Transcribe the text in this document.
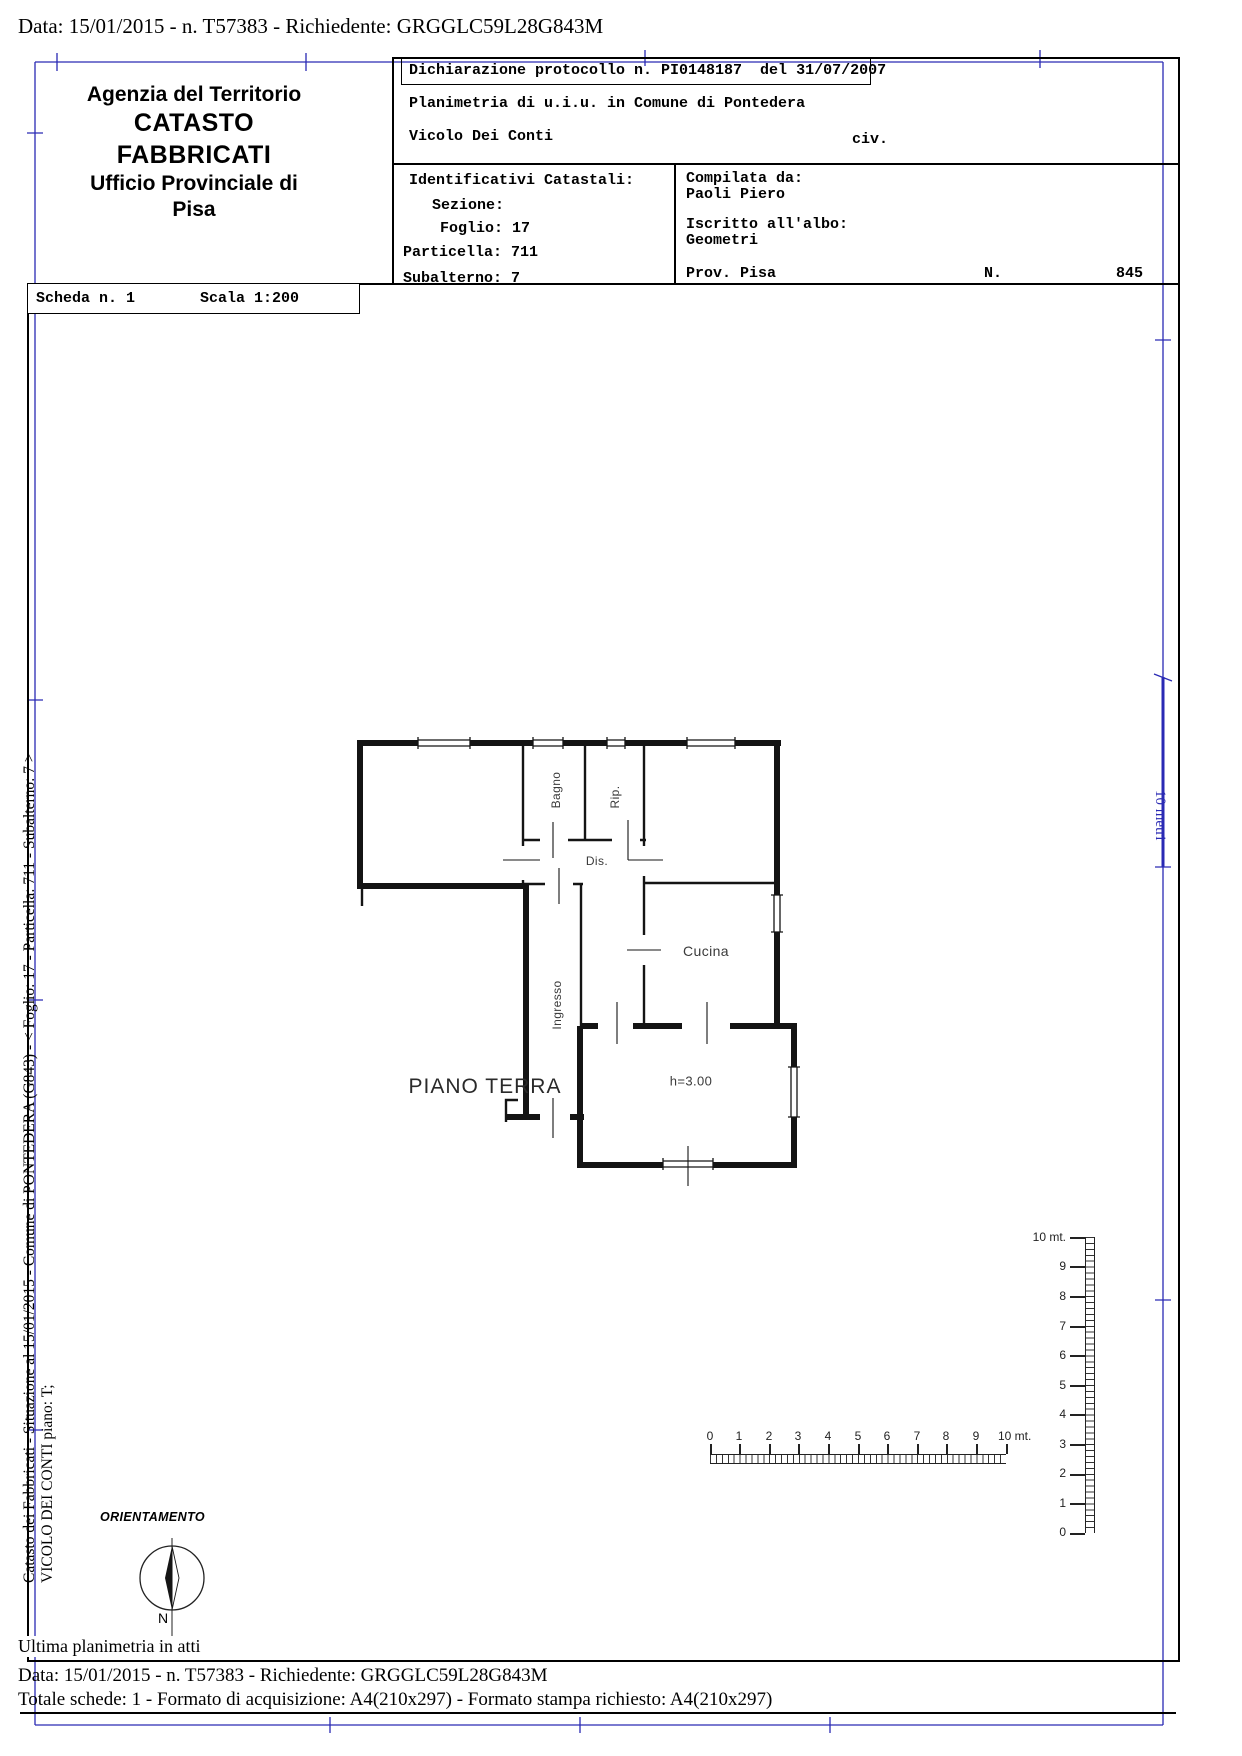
Data: 15/01/2015 - n. T57383 - Richiedente: GRGGLC59L28G843M
Agenzia del Territorio
CATASTO FABBRICATI
Ufficio Provinciale di
Pisa
Dichiarazione protocollo n. PI0148187  del 31/07/2007
Planimetria di u.i.u. in Comune di Pontedera
Vicolo Dei Conti	civ.
Identificativi Catastali:
Sezione:
Foglio: 17
Particella: 711
Subalterno: 7
Compilata da:
Paoli Piero
Iscritto all'albo:
Geometri
Prov. Pisa	N.	845
Scheda n. 1	Scala 1:200
Bagno	Rip.
Dis.
Ingresso
Cucina
h=3.00
PIANO TERRA
10 mt.
9
8
7
6
5
4
3
2
1
0
0	1	2	3	4	5	6	7	8	9	10 mt.
ORIENTAMENTO
N
Catasto dei Fabbricati - Situazione al 15/01/2015 - Comune di PONTEDERA (G843) - < Foglio: 17 - Particella: 711 - Subalterno: 7 > VICOLO DEI CONTI piano: T;
10 metri
Ultima planimetria in atti
Data: 15/01/2015 - n. T57383 - Richiedente: GRGGLC59L28G843M
Totale schede: 1 - Formato di acquisizione: A4(210x297) - Formato stampa richiesto: A4(210x297)
